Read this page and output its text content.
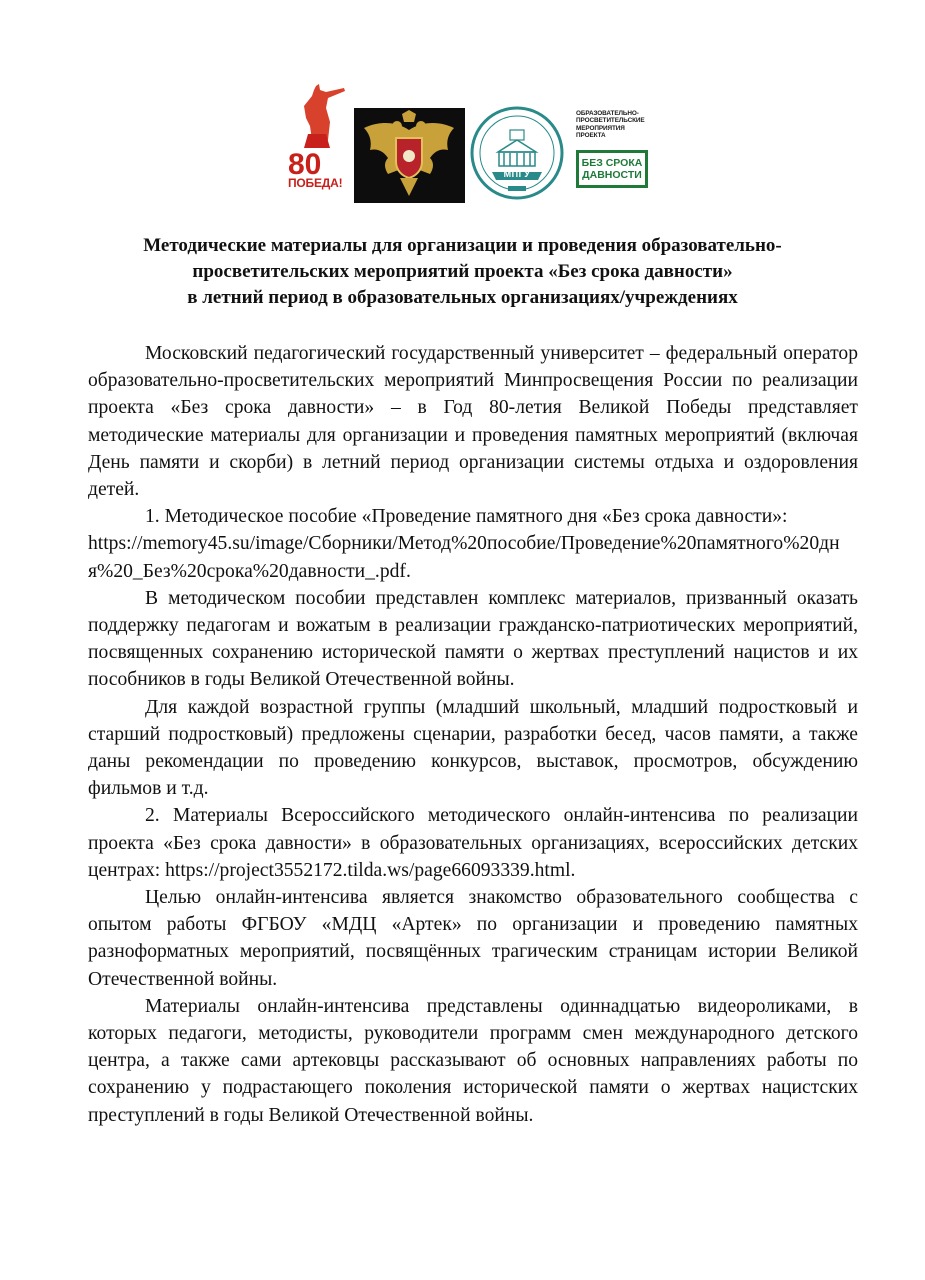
80
ПОБЕДА!
МПГУ
ОБРАЗОВАТЕЛЬНО-ПРОСВЕТИТЕЛЬСКИЕ МЕРОПРИЯТИЯ ПРОЕКТА
БЕЗ СРОКА ДАВНОСТИ
Методические материалы для организации и проведения образовательно-
просветительских мероприятий проекта «Без срока давности»
в летний период в образовательных организациях/учреждениях

Московский педагогический государственный университет – федеральный оператор образовательно-просветительских мероприятий Минпросвещения России по реализации проекта «Без срока давности» – в Год 80-летия Великой Победы представляет методические материалы для организации и проведения памятных мероприятий (включая День памяти и скорби) в летний период организации системы отдыха и оздоровления детей.

1. Методическое пособие «Проведение памятного дня «Без срока давности»:

https://memory45.su/image/Сборники/Метод%20пособие/Проведение%20памятного%20дня%20_Без%20срока%20давности_.pdf.

В методическом пособии представлен комплекс материалов, призванный оказать поддержку педагогам и вожатым в реализации гражданско-патриотических мероприятий, посвященных сохранению исторической памяти о жертвах преступлений нацистов и их пособников в годы Великой Отечественной войны.

Для каждой возрастной группы (младший школьный, младший подростковый и старший подростковый) предложены сценарии, разработки бесед, часов памяти, а также даны рекомендации по проведению конкурсов, выставок, просмотров, обсуждению фильмов и т.д.

2. Материалы Всероссийского методического онлайн-интенсива по реализации проекта «Без срока давности» в образовательных организациях, всероссийских детских центрах: https://project3552172.tilda.ws/page66093339.html.

Целью онлайн-интенсива является знакомство образовательного сообщества с опытом работы ФГБОУ «МДЦ «Артек» по организации и проведению памятных разноформатных мероприятий, посвящённых трагическим страницам истории Великой Отечественной войны.

Материалы онлайн-интенсива представлены одиннадцатью видеороликами, в которых педагоги, методисты, руководители программ смен международного детского центра, а также сами артековцы рассказывают об основных направлениях работы по сохранению у подрастающего поколения исторической памяти о жертвах нацистских преступлений в годы Великой Отечественной войны.
